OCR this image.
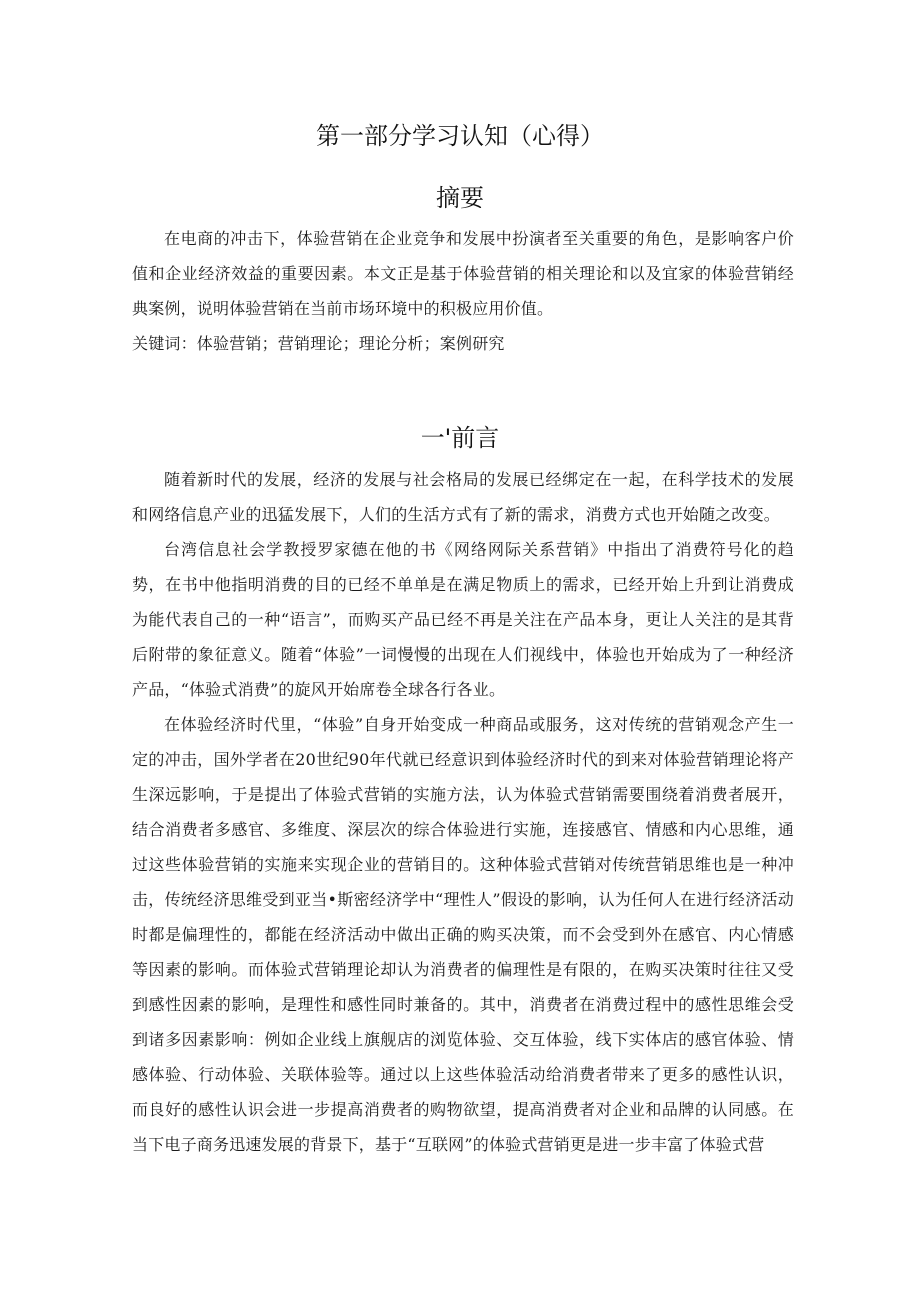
第一部分学习认知（心得）
摘要

在电商的冲击下，体验营销在企业竞争和发展中扮演者至关重要的角色，是影响客户价值和企业经济效益的重要因素。本文正是基于体验营销的相关理论和以及宜家的体验营销经典案例，说明体验营销在当前市场环境中的积极应用价值。

关键词：体验营销；营销理论；理论分析；案例研究

一'前言

随着新时代的发展，经济的发展与社会格局的发展已经绑定在一起，在科学技术的发展和网络信息产业的迅猛发展下，人们的生活方式有了新的需求，消费方式也开始随之改变。

台湾信息社会学教授罗家德在他的书《网络网际关系营销》中指出了消费符号化的趋势，在书中他指明消费的目的已经不单单是在满足物质上的需求，已经开始上升到让消费成为能代表自己的一种“语言”，而购买产品已经不再是关注在产品本身，更让人关注的是其背后附带的象征意义。随着“体验”一词慢慢的出现在人们视线中，体验也开始成为了一种经济产品，“体验式消费”的旋风开始席卷全球各行各业。

在体验经济时代里，“体验”自身开始变成一种商品或服务，这对传统的营销观念产生一定的冲击，国外学者在20世纪90年代就已经意识到体验经济时代的到来对体验营销理论将产生深远影响，于是提出了体验式营销的实施方法，认为体验式营销需要围绕着消费者展开，结合消费者多感官、多维度、深层次的综合体验进行实施，连接感官、情感和内心思维，通过这些体验营销的实施来实现企业的营销目的。这种体验式营销对传统营销思维也是一种冲击，传统经济思维受到亚当•斯密经济学中“理性人”假设的影响，认为任何人在进行经济活动时都是偏理性的，都能在经济活动中做出正确的购买决策，而不会受到外在感官、内心情感等因素的影响。而体验式营销理论却认为消费者的偏理性是有限的，在购买决策时往往又受到感性因素的影响，是理性和感性同时兼备的。其中，消费者在消费过程中的感性思维会受到诸多因素影响：例如企业线上旗舰店的浏览体验、交互体验，线下实体店的感官体验、情感体验、行动体验、关联体验等。通过以上这些体验活动给消费者带来了更多的感性认识，而良好的感性认识会进一步提高消费者的购物欲望，提高消费者对企业和品牌的认同感。在当下电子商务迅速发展的背景下，基于“互联网”的体验式营销更是进一步丰富了体验式营
